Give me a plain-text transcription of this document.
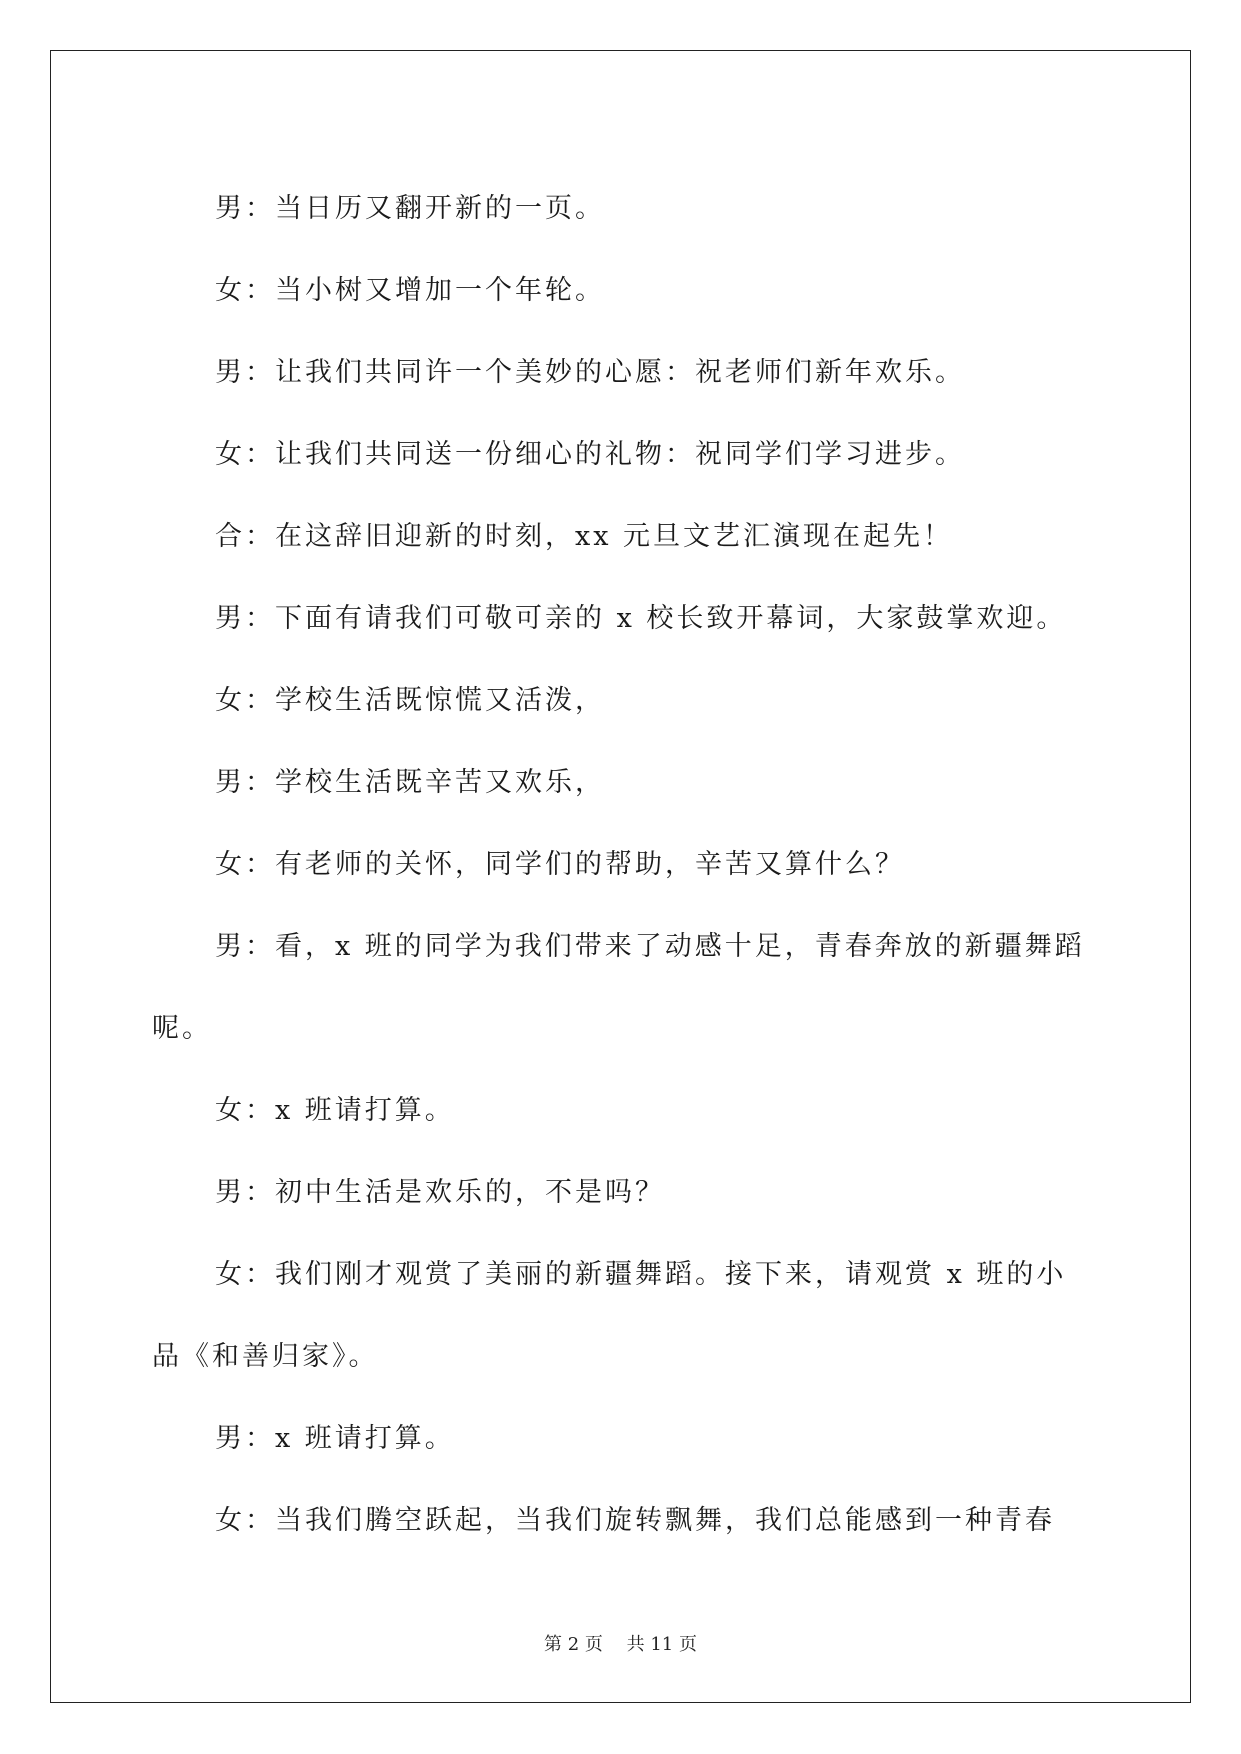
男：当日历又翻开新的一页。

女：当小树又增加一个年轮。

男：让我们共同许一个美妙的心愿：祝老师们新年欢乐。

女：让我们共同送一份细心的礼物：祝同学们学习进步。

合：在这辞旧迎新的时刻，xx 元旦文艺汇演现在起先！

男：下面有请我们可敬可亲的 x 校长致开幕词，大家鼓掌欢迎。

女：学校生活既惊慌又活泼，

男：学校生活既辛苦又欢乐，

女：有老师的关怀，同学们的帮助，辛苦又算什么？

男：看，x 班的同学为我们带来了动感十足，青春奔放的新疆舞蹈呢。

女：x 班请打算。

男：初中生活是欢乐的，不是吗？

女：我们刚才观赏了美丽的新疆舞蹈。接下来，请观赏 x 班的小品《和善归家》。

男：x 班请打算。

女：当我们腾空跃起，当我们旋转飘舞，我们总能感到一种青春

第 2 页　 共 11 页
